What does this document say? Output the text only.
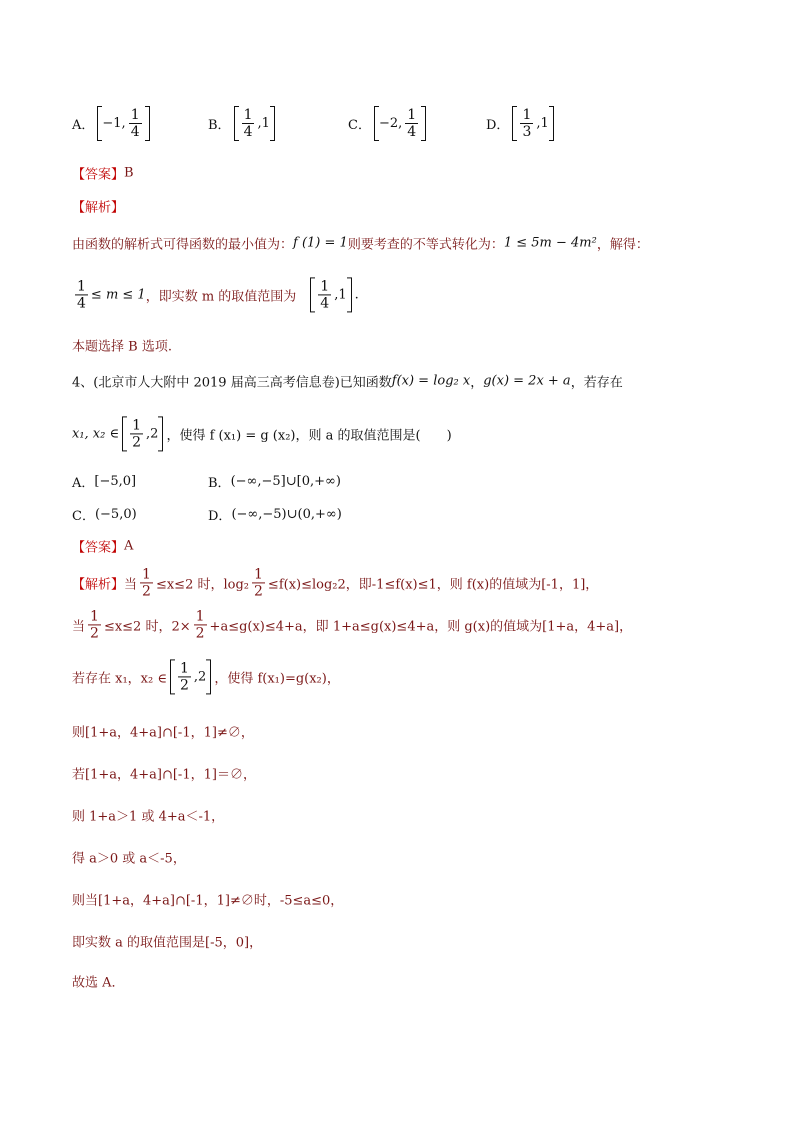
A． −1, $\frac{1}{4}$	B． $\frac{1}{4} ,1$	C． −2, $\frac{1}{4}$	D． $\frac{1}{3} ,1$
【答案】 B
【解析】
由函数的解析式可得函数的最小值为： f (1) = 1 则要考查的不等式转化为： 1 ≤ 5m − 4m² ，解得：
$\frac{1}{4} \le m \le 1$ ，即实数 m 的取值范围为 $\frac{1}{4} ,1$ .
本题选择 B 选项.
4、(北京市人大附中 2019 届高三高考信息卷)已知函数 f(x) = log₂ x ， g(x) = 2x + a ，若存在
x₁, x₂ ∈ $\frac{1}{2} ,2$ ，使得 f (x₁) = g (x₂)，则 a 的取值范围是(　　)
A． [−5,0]	B． (−∞,−5]∪[0,+∞)
C． (−5,0)	D． (−∞,−5)∪(0,+∞)
【答案】 A
【解析】 当 $\frac{1}{2} \le x\le 2$ 时，$\log_2 \frac{1}{2} \le f(x)\le\log_22$，即-1≤f(x)≤1，则 f(x)的值域为[-1，1]，
当 $\frac{1}{2} \le x\le 2$ 时，$2\times \frac{1}{2} +a\le g(x)\le 4+a$，即 1+a≤g(x)≤4+a，则 g(x)的值域为[1+a，4+a]，
若存在 x₁，x₂ ∈ $\frac{1}{2} ,2$ ，使得 f(x₁)=g(x₂)，
则[1+a，4+a]∩[-1，1]≠∅，
若[1+a，4+a]∩[-1，1]＝∅，
则 1+a＞1 或 4+a＜-1，
得 a＞0 或 a＜-5，
则当[1+a，4+a]∩[-1，1]≠∅时，-5≤a≤0，
即实数 a 的取值范围是[-5，0]，
故选 A．
